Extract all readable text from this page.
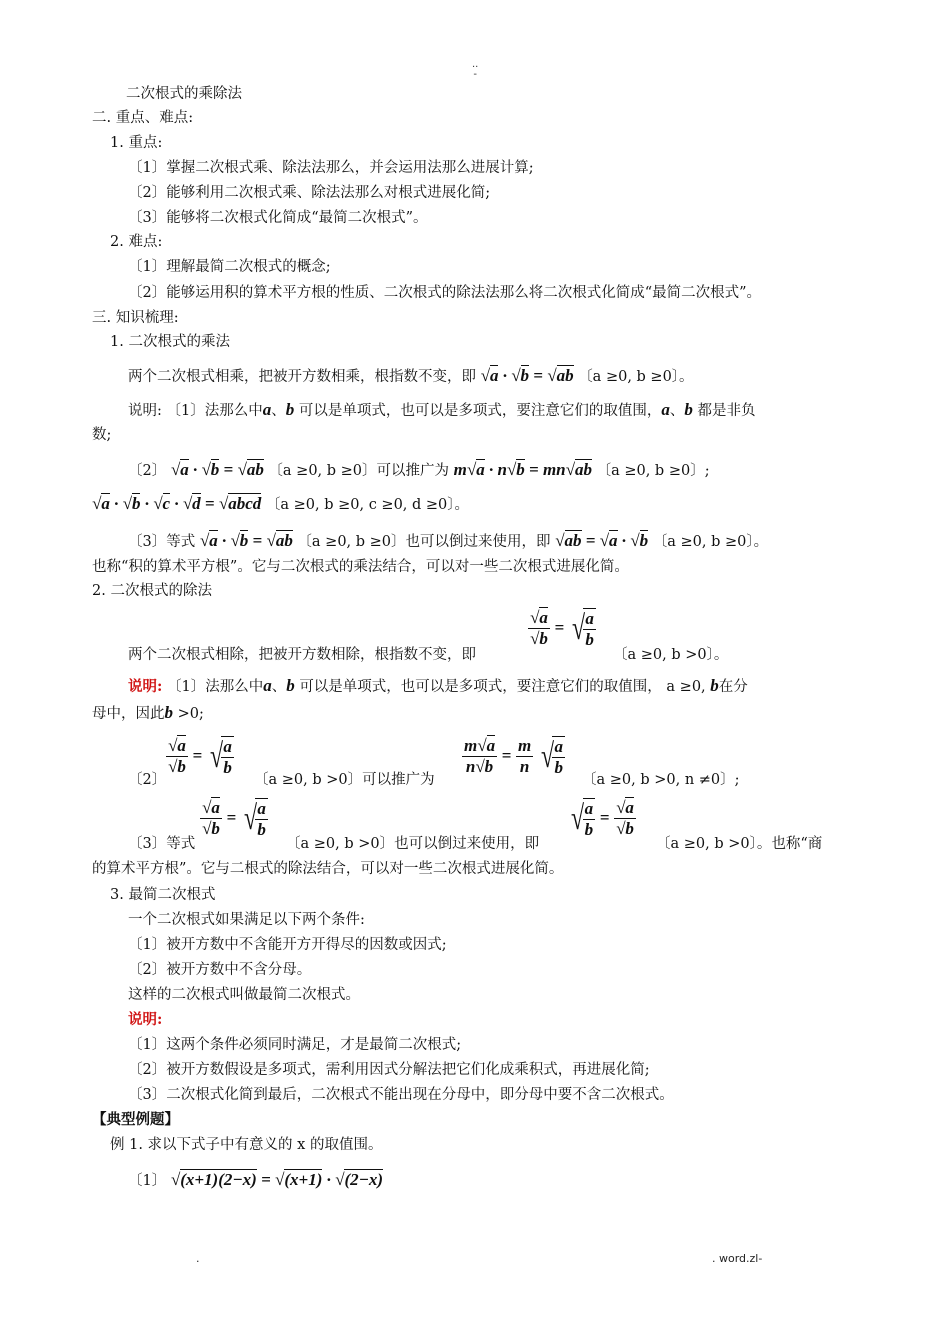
..
-
二次根式的乘除法
二. 重点、难点:
1. 重点:
〔1〕掌握二次根式乘、除法法那么，并会运用法那么进展计算;
〔2〕能够利用二次根式乘、除法法那么对根式进展化简;
〔3〕能够将二次根式化简成“最简二次根式”。
2. 难点:
〔1〕理解最简二次根式的概念;
〔2〕能够运用积的算术平方根的性质、二次根式的除法法那么将二次根式化简成“最简二次根式”。
三. 知识梳理:
1. 二次根式的乘法
两个二次根式相乘，把被开方数相乘，根指数不变，即 √a · √b = √ab 〔a ≥0, b ≥0〕。
说明: 〔1〕法那么中a、b 可以是单项式，也可以是多项式，要注意它们的取值围，a、b 都是非负
数;
〔2〕 √a · √b = √ab 〔a ≥0, b ≥0〕可以推广为 m√a · n√b = mn√ab 〔a ≥0, b ≥0〕;
√a · √b · √c · √d = √abcd 〔a ≥0, b ≥0, c ≥0, d ≥0〕。
〔3〕等式 √a · √b = √ab 〔a ≥0, b ≥0〕也可以倒过来使用，即 √ab = √a · √b 〔a ≥0, b ≥0〕。
也称“积的算术平方根”。它与二次根式的乘法结合，可以对一些二次根式进展化简。
2. 二次根式的除法
两个二次根式相除，把被开方数相除，根指数不变，即
$\frac{√a}{√b}$ = √
$\frac{a}{b}$
〔a ≥0, b >0〕。
说明: 〔1〕法那么中a、b 可以是单项式，也可以是多项式，要注意它们的取值围， a ≥0, b在分
母中，因此b >0;
〔2〕
$\frac{√a}{√b}$ = √
$\frac{a}{b}$
〔a ≥0, b >0〕可以推广为
$\frac{m√a}{n√b} = \frac{m}{n}$ √
$\frac{a}{b}$
〔a ≥0, b >0, n ≠0〕;
〔3〕等式
$\frac{√a}{√b}$ = √
$\frac{a}{b}$
〔a ≥0, b >0〕也可以倒过来使用，即
√
$\frac{a}{b} = \frac{√a}{√b}$
〔a ≥0, b >0〕。也称“商
的算术平方根”。它与二根式的除法结合，可以对一些二次根式进展化简。
3. 最简二次根式
一个二次根式如果满足以下两个条件:
〔1〕被开方数中不含能开方开得尽的因数或因式;
〔2〕被开方数中不含分母。
这样的二次根式叫做最简二次根式。
说明:
〔1〕这两个条件必须同时满足，才是最简二次根式;
〔2〕被开方数假设是多项式，需利用因式分解法把它们化成乘积式，再进展化简;
〔3〕二次根式化简到最后，二次根式不能出现在分母中，即分母中要不含二次根式。
【典型例题】
例 1. 求以下式子中有意义的 x 的取值围。
〔1〕 √(x+1)(2−x) = √(x+1) · √(2−x)
.	. word.zl-
